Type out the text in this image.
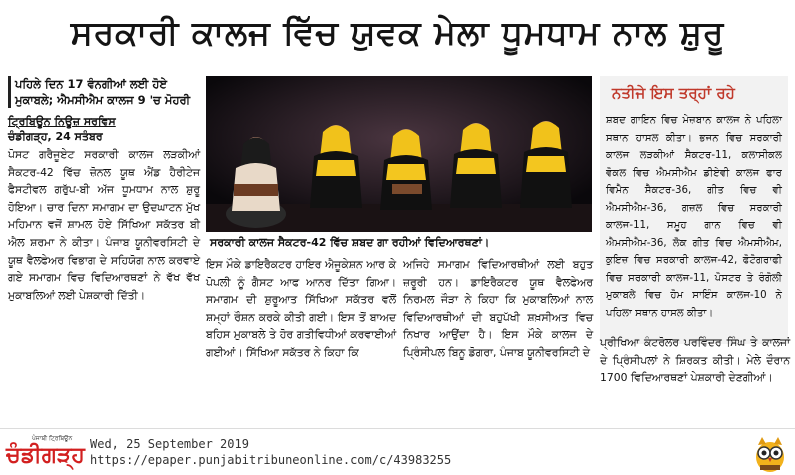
ਸਰਕਾਰੀ ਕਾਲਜ ਵਿੱਚ ਯੁਵਕ ਮੇਲਾ ਧੂਮਧਾਮ ਨਾਲ ਸ਼ੁਰੂ

ਪਹਿਲੇ ਦਿਨ 17 ਵੰਨਗੀਆਂ ਲਈ ਹੋਏ

ਮੁਕਾਬਲੇ; ਐਮਸੀਐਮ ਕਾਲਜ 9 'ਚ ਮੋਹਰੀ

ਟ੍ਰਿਬਿਊਨ ਨਿਊਜ਼ ਸਰਵਿਸ
ਚੰਡੀਗੜ੍ਹ, 24 ਸਤੰਬਰ
ਪੋਸਟ ਗਰੈਜੂਏਟ ਸਰਕਾਰੀ ਕਾਲਜ ਲੜਕੀਆਂ ਸੈਕਟਰ-42 ਵਿੱਚ ਜ਼ੋਨਲ ਯੂਥ ਐਂਡ ਹੈਰੀਟੇਜ ਫੈਸਟੀਵਲ ਗਰੁੱਪ-ਬੀ ਅੱਜ ਧੂਮਧਾਮ ਨਾਲ ਸ਼ੁਰੂ ਹੋਇਆ। ਚਾਰ ਦਿਨਾ ਸਮਾਗਮ ਦਾ ਉਦਘਾਟਨ ਮੁੱਖ ਮਹਿਮਾਨ ਵਜੋਂ ਸ਼ਾਮਲ ਹੋਏ ਸਿੱਖਿਆ ਸਕੱਤਰ ਬੀ ਐਲ ਸ਼ਰਮਾ ਨੇ ਕੀਤਾ। ਪੰਜਾਬ ਯੂਨੀਵਰਸਿਟੀ ਦੇ ਯੂਥ ਵੈਲਫੇਅਰ ਵਿਭਾਗ ਦੇ ਸਹਿਯੋਗ ਨਾਲ ਕਰਵਾਏ ਗਏ ਸਮਾਗਮ ਵਿਚ ਵਿਦਿਆਰਥਣਾਂ ਨੇ ਵੱਖ ਵੱਖ ਮੁਕਾਬਲਿਆਂ ਲਈ ਪੇਸ਼ਕਾਰੀ ਦਿੱਤੀ।
ਸਰਕਾਰੀ ਕਾਲਜ ਸੈਕਟਰ-42 ਵਿੱਚ ਸ਼ਬਦ ਗਾ ਰਹੀਆਂ ਵਿਦਿਆਰਥਣਾਂ।
ਇਸ ਮੌਕੇ ਡਾਇਰੈਕਟਰ ਹਾਇਰ ਐਜੂਕੇਸ਼ਨ ਆਰ ਕੇ ਪੋਪਲੀ ਨੂੰ ਗੈਸਟ ਆਫ ਆਨਰ ਦਿੱਤਾ ਗਿਆ। ਸਮਾਗਮ ਦੀ ਸ਼ੁਰੂਆਤ ਸਿੱਖਿਆ ਸਕੱਤਰ ਵਲੋਂ ਸ਼ਮ੍ਹਾਂ ਰੌਸ਼ਨ ਕਰਕੇ ਕੀਤੀ ਗਈ। ਇਸ ਤੋਂ ਬਾਅਦ ਬਹਿਸ ਮੁਕਾਬਲੇ ਤੇ ਹੋਰ ਗਤੀਵਿਧੀਆਂ ਕਰਵਾਈਆਂ ਗਈਆਂ। ਸਿੱਖਿਆ ਸਕੱਤਰ ਨੇ ਕਿਹਾ ਕਿ
ਅਜਿਹੇ ਸਮਾਗਮ ਵਿਦਿਆਰਥੀਆਂ ਲਈ ਬਹੁਤ ਜ਼ਰੂਰੀ ਹਨ। ਡਾਇਰੈਕਟਰ ਯੂਥ ਵੈਲਫੇਅਰ ਨਿਰਮਲ ਜੌੜਾ ਨੇ ਕਿਹਾ ਕਿ ਮੁਕਾਬਲਿਆਂ ਨਾਲ ਵਿਦਿਆਰਥੀਆਂ ਦੀ ਬਹੁਪੱਖੀ ਸ਼ਖ਼ਸੀਅਤ ਵਿਚ ਨਿਖਾਰ ਆਉਂਦਾ ਹੈ। ਇਸ ਮੌਕੇ ਕਾਲਜ ਦੇ ਪ੍ਰਿੰਸੀਪਲ ਬਿਨੂ ਡੋਗਰਾ, ਪੰਜਾਬ ਯੂਨੀਵਰਸਿਟੀ ਦੇ
ਨਤੀਜੇ ਇਸ ਤਰ੍ਹਾਂ ਰਹੇ
ਸ਼ਬਦ ਗਾਇਨ ਵਿਚ ਮੇਜ਼ਬਾਨ ਕਾਲਜ ਨੇ ਪਹਿਲਾ ਸਥਾਨ ਹਾਸਲ ਕੀਤਾ। ਭਜਨ ਵਿਚ ਸਰਕਾਰੀ ਕਾਲਜ ਲੜਕੀਆਂ ਸੈਕਟਰ-11, ਕਲਾਸੀਕਲ ਵੋਕਲ ਵਿਚ ਐਮਸੀਐਮ ਡੀਏਵੀ ਕਾਲਜ ਫਾਰ ਵਿਮੈਨ ਸੈਕਟਰ-36, ਗੀਤ ਵਿਚ ਵੀ ਐਮਸੀਐਮ-36, ਗਜ਼ਲ ਵਿਚ ਸਰਕਾਰੀ ਕਾਲਜ-11, ਸਮੂਹ ਗਾਨ ਵਿਚ ਵੀ ਐਮਸੀਐਮ-36, ਲੋਕ ਗੀਤ ਵਿਚ ਐਮਸੀਐਮ, ਕੁਇਜ਼ ਵਿਚ ਸਰਕਾਰੀ ਕਾਲਜ-42, ਫੋਟੋਗਰਾਫੀ ਵਿਚ ਸਰਕਾਰੀ ਕਾਲਜ-11, ਪੋਸਟਰ ਤੇ ਰੰਗੋਲੀ ਮੁਕਾਬਲੇ ਵਿਚ ਹੋਮ ਸਾਇੰਸ ਕਾਲਜ-10 ਨੇ ਪਹਿਲਾ ਸਥਾਨ ਹਾਸਲ ਕੀਤਾ।
ਪ੍ਰੀਖਿਆ ਕੰਟਰੋਲਰ ਪਰਵਿੰਦਰ ਸਿੰਘ ਤੇ ਕਾਲਜਾਂ ਦੇ ਪ੍ਰਿੰਸੀਪਲਾਂ ਨੇ ਸ਼ਿਰਕਤ ਕੀਤੀ। ਮੇਲੇ ਦੌਰਾਨ 1700 ਵਿਦਿਆਰਥਣਾਂ ਪੇਸ਼ਕਾਰੀ ਦੇਣਗੀਆਂ।
ਪੰਜਾਬੀ ਟ੍ਰਿਬਿਊਨ
ਚੰਡੀਗੜ੍ਹ Wed, 25 September 2019
https://epaper.punjabitribuneonline.com/c/43983255
